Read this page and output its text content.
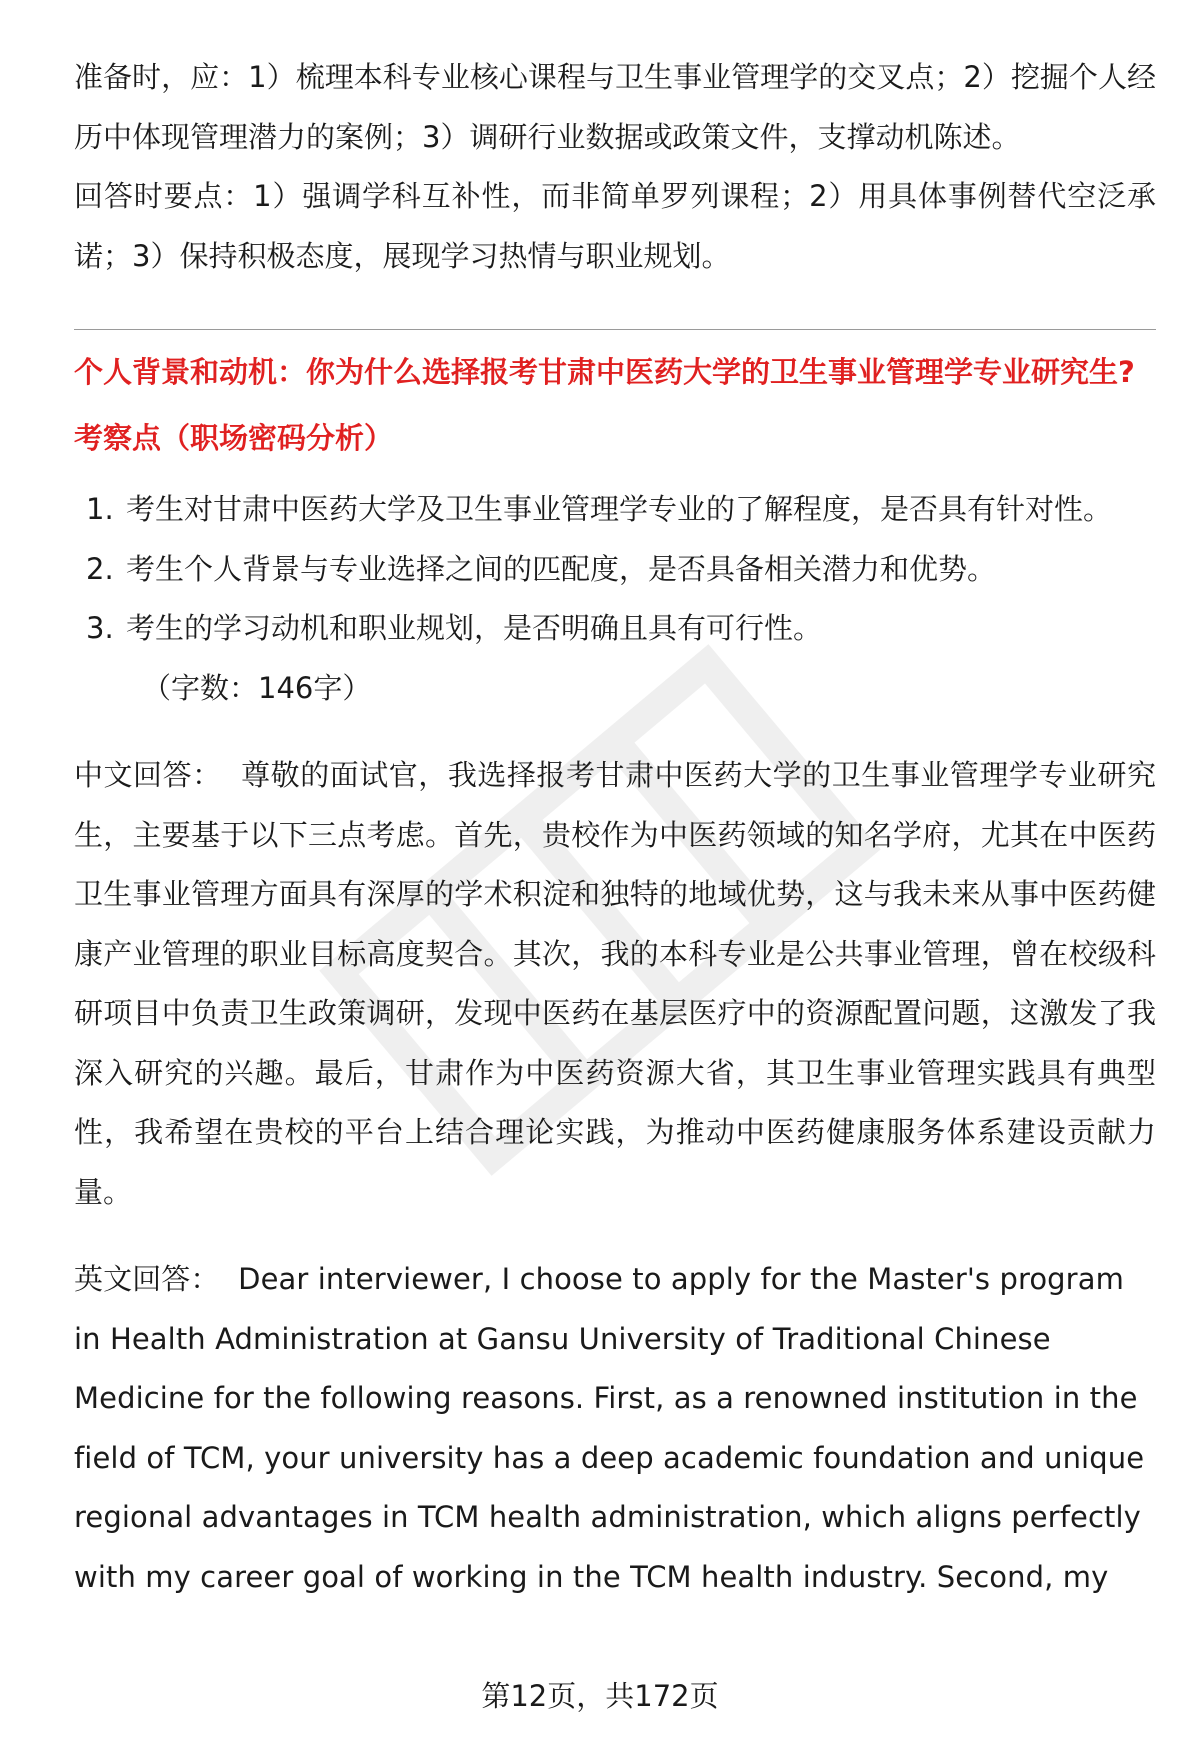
准备时，应：1）梳理本科专业核心课程与卫生事业管理学的交叉点；2）挖掘个人经历中体现管理潜力的案例；3）调研行业数据或政策文件，支撑动机陈述。

回答时要点：1）强调学科互补性，而非简单罗列课程；2）用具体事例替代空泛承诺；3）保持积极态度，展现学习热情与职业规划。

个人背景和动机：你为什么选择报考甘肃中医药大学的卫生事业管理学专业研究生?

考察点（职场密码分析）

1. 考生对甘肃中医药大学及卫生事业管理学专业的了解程度，是否具有针对性。
2. 考生个人背景与专业选择之间的匹配度，是否具备相关潜力和优势。
3. 考生的学习动机和职业规划，是否明确且具有可行性。

（字数：146字）

中文回答： 尊敬的面试官，我选择报考甘肃中医药大学的卫生事业管理学专业研究生，主要基于以下三点考虑。首先，贵校作为中医药领域的知名学府，尤其在中医药卫生事业管理方面具有深厚的学术积淀和独特的地域优势，这与我未来从事中医药健康产业管理的职业目标高度契合。其次，我的本科专业是公共事业管理，曾在校级科研项目中负责卫生政策调研，发现中医药在基层医疗中的资源配置问题，这激发了我深入研究的兴趣。最后，甘肃作为中医药资源大省，其卫生事业管理实践具有典型性，我希望在贵校的平台上结合理论实践，为推动中医药健康服务体系建设贡献力量。

英文回答： Dear interviewer, I choose to apply for the Master's program in Health Administration at Gansu University of Traditional Chinese Medicine for the following reasons. First, as a renowned institution in the field of TCM, your university has a deep academic foundation and unique regional advantages in TCM health administration, which aligns perfectly with my career goal of working in the TCM health industry. Second, my

第12页，共172页
